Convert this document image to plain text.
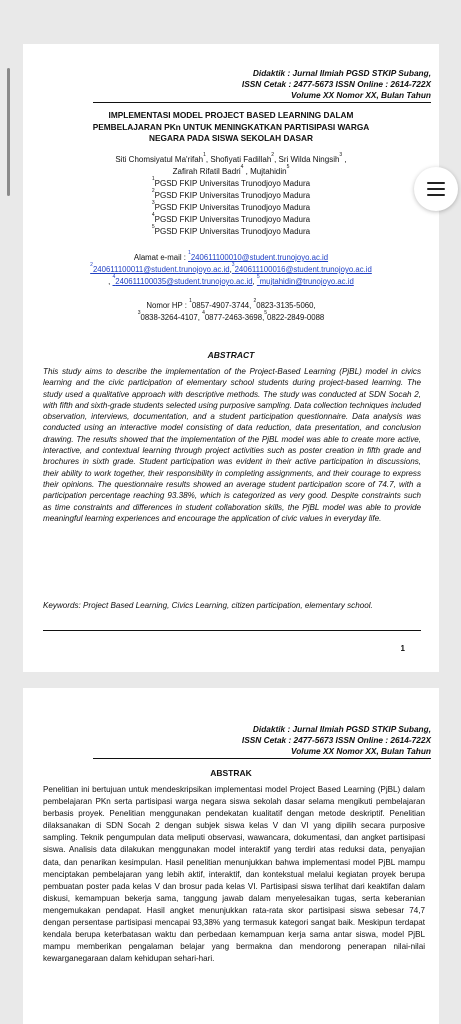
Didaktik : Jurnal Ilmiah PGSD STKIP Subang,
ISSN Cetak : 2477-5673 ISSN Online : 2614-722X
Volume XX Nomor XX, Bulan Tahun
IMPLEMENTASI MODEL PROJECT BASED LEARNING DALAM
PEMBELAJARAN PKn UNTUK MENINGKATKAN PARTISIPASI WARGA
NEGARA PADA SISWA SEKOLAH DASAR
Siti Chomsiyatul Ma'rifah$^1$, Shofiyati Fadillah$^2$, Sri Wilda Ningsih$^3$ ,
Zafirah Rifatil Badri$^4$ , Mujtahidin$^5$
$^1$PGSD FKIP Universitas Trunodjoyo Madura
$^2$PGSD FKIP Universitas Trunodjoyo Madura
$^3$PGSD FKIP Universitas Trunodjoyo Madura
$^4$PGSD FKIP Universitas Trunodjoyo Madura
$^5$PGSD FKIP Universitas Trunodjoyo Madura
Alamat e-mail : $^1$240611100010@student.trunojoyo.ac.id
$^2$240611100011@student.trunojoyo.ac.id,$^3$240611100016@student.trunojoyo.ac.id
, $^4$240611100035@student.trunojoyo.ac.id, $^5$mujtahidin@trunojoyo.ac.id
Nomor HP : $^1$0857-4907-3744, $^2$0823-3135-5060,
$^3$0838-3264-4107, $^4$0877-2463-3698,$^5$0822-2849-0088
ABSTRACT
This study aims to describe the implementation of the Project-Based Learning (PjBL) model in civics learning and the civic participation of elementary school students during project-based learning. The study used a qualitative approach with descriptive methods. The study was conducted at SDN Socah 2, with fifth and sixth-grade students selected using purposive sampling. Data collection techniques included observation, interviews, documentation, and a student participation questionnaire. Data analysis was conducted using an interactive model consisting of data reduction, data presentation, and conclusion drawing. The results showed that the implementation of the PjBL model was able to create more active, interactive, and contextual learning through project activities such as poster creation in fifth grade and brochures in sixth grade. Student participation was evident in their active participation in discussions, their ability to work together, their responsibility in completing assignments, and their courage to express their opinions. The questionnaire results showed an average student participation score of 74.7, with a participation percentage reaching 93.38%, which is categorized as very good. Despite constraints such as time constraints and differences in student collaboration skills, the PjBL model was able to provide meaningful learning experiences and encourage the application of civic values in everyday life.
Keywords: Project Based Learning, Civics Learning, citizen participation, elementary school.
1
Didaktik : Jurnal Ilmiah PGSD STKIP Subang,
ISSN Cetak : 2477-5673 ISSN Online : 2614-722X
Volume XX Nomor XX, Bulan Tahun
ABSTRAK
Penelitian ini bertujuan untuk mendeskripsikan implementasi model Project Based Learning (PjBL) dalam pembelajaran PKn serta partisipasi warga negara siswa sekolah dasar selama mengikuti pembelajaran berbasis proyek. Penelitian menggunakan pendekatan kualitatif dengan metode deskriptif. Penelitian dilaksanakan di SDN Socah 2 dengan subjek siswa kelas V dan VI yang dipilih secara purposive sampling. Teknik pengumpulan data meliputi observasi, wawancara, dokumentasi, dan angket partisipasi siswa. Analisis data dilakukan menggunakan model interaktif yang terdiri atas reduksi data, penyajian data, dan penarikan kesimpulan. Hasil penelitian menunjukkan bahwa implementasi model PjBL mampu menciptakan pembelajaran yang lebih aktif, interaktif, dan kontekstual melalui kegiatan proyek berupa pembuatan poster pada kelas V dan brosur pada kelas VI. Partisipasi siswa terlihat dari keaktifan dalam diskusi, kemampuan bekerja sama, tanggung jawab dalam menyelesaikan tugas, serta keberanian mengemukakan pendapat. Hasil angket menunjukkan rata-rata skor partisipasi siswa sebesar 74,7 dengan persentase partisipasi mencapai 93,38% yang termasuk kategori sangat baik. Meskipun terdapat kendala berupa keterbatasan waktu dan perbedaan kemampuan kerja sama antar siswa, model PjBL mampu memberikan pengalaman belajar yang bermakna dan mendorong penerapan nilai-nilai kewarganegaraan dalam kehidupan sehari-hari.
